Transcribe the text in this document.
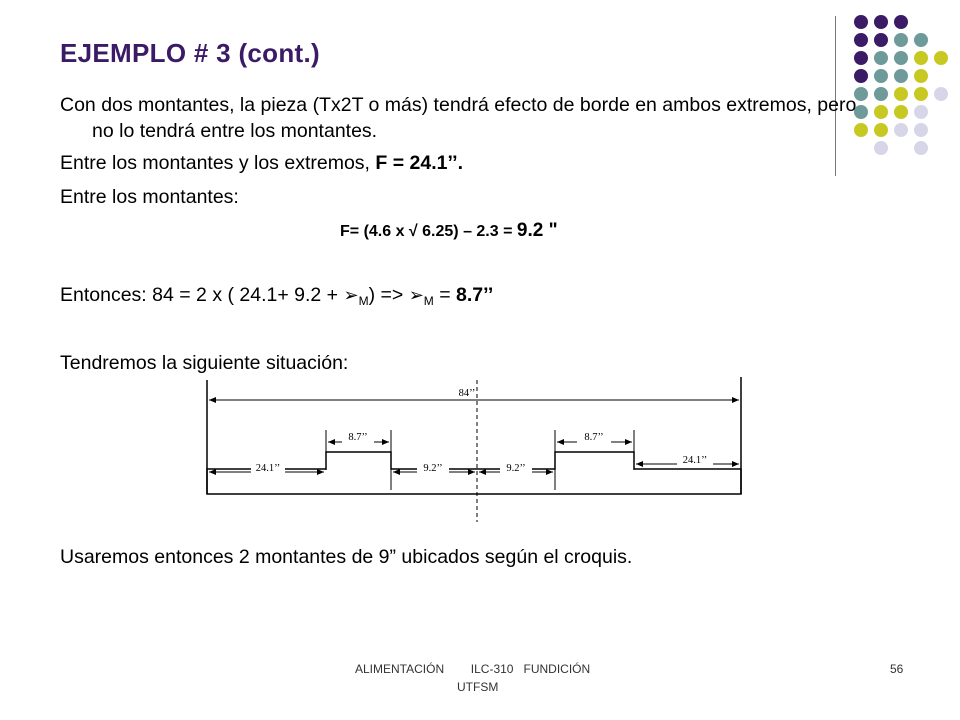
EJEMPLO # 3 (cont.)
Con dos montantes, la pieza (Tx2T o más) tendrá efecto de borde en ambos extremos, pero no lo tendrá entre los montantes.
Entre los montantes y los extremos, F = 24.1’’.
Entre los montantes:
F= (4.6 x √ 6.25) – 2.3 = 9.2 "
Entonces: 84 = 2 x ( $24.1+ 9.2 + ➢_M$) => $➢_M = 8.7$’’
Tendremos la siguiente situación:
84’’
8.7’’	8.7’’
24.1’’	9.2’’	9.2’’
24.1’’
Usaremos entonces 2 montantes de 9” ubicados según el croquis.
ALIMENTACIÓN        ILC-310   FUNDICIÓN
UTFSM
56
